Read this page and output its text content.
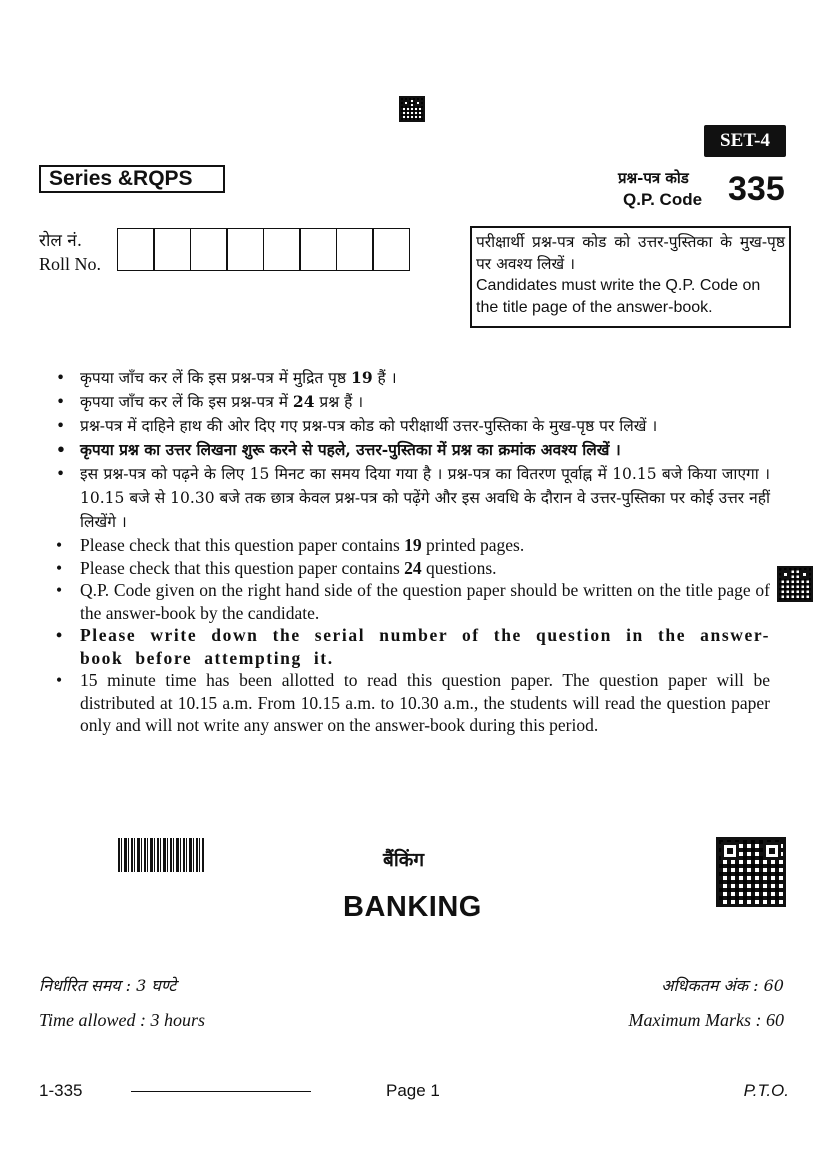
SET-4
Series &RQPS	प्रश्न-पत्र कोड
Q.P. Code 335
रोल नं.
Roll No.
परीक्षार्थी प्रश्न-पत्र कोड को उत्तर-पुस्तिका के मुख-पृष्ठ पर अवश्य लिखें ।
Candidates must write the Q.P. Code on the title page of the answer-book.
• कृपया जाँच कर लें कि इस प्रश्न-पत्र में मुद्रित पृष्ठ 19 हैं ।
• कृपया जाँच कर लें कि इस प्रश्न-पत्र में 24 प्रश्न हैं ।
• प्रश्न-पत्र में दाहिने हाथ की ओर दिए गए प्रश्न-पत्र कोड को परीक्षार्थी उत्तर-पुस्तिका के मुख-पृष्ठ पर लिखें ।
• कृपया प्रश्न का उत्तर लिखना शुरू करने से पहले, उत्तर-पुस्तिका में प्रश्न का क्रमांक अवश्य लिखें ।
• इस प्रश्न-पत्र को पढ़ने के लिए 15 मिनट का समय दिया गया है । प्रश्न-पत्र का वितरण पूर्वाह्न में 10.15 बजे किया जाएगा । 10.15 बजे से 10.30 बजे तक छात्र केवल प्रश्न-पत्र को पढ़ेंगे और इस अवधि के दौरान वे उत्तर-पुस्तिका पर कोई उत्तर नहीं लिखेंगे ।
• Please check that this question paper contains 19 printed pages.
• Please check that this question paper contains 24 questions.
• Q.P. Code given on the right hand side of the question paper should be written on the title page of the answer-book by the candidate.
• Please write down the serial number of the question in the answer-book before attempting it.
• 15 minute time has been allotted to read this question paper. The question paper will be distributed at 10.15 a.m. From 10.15 a.m. to 10.30 a.m., the students will read the question paper only and will not write any answer on the answer-book during this period.
बैंकिंग
BANKING
निर्धारित समय : 3 घण्टे
Time allowed : 3 hours
अधिकतम अंक : 60
Maximum Marks : 60
1-335	Page 1	P.T.O.
